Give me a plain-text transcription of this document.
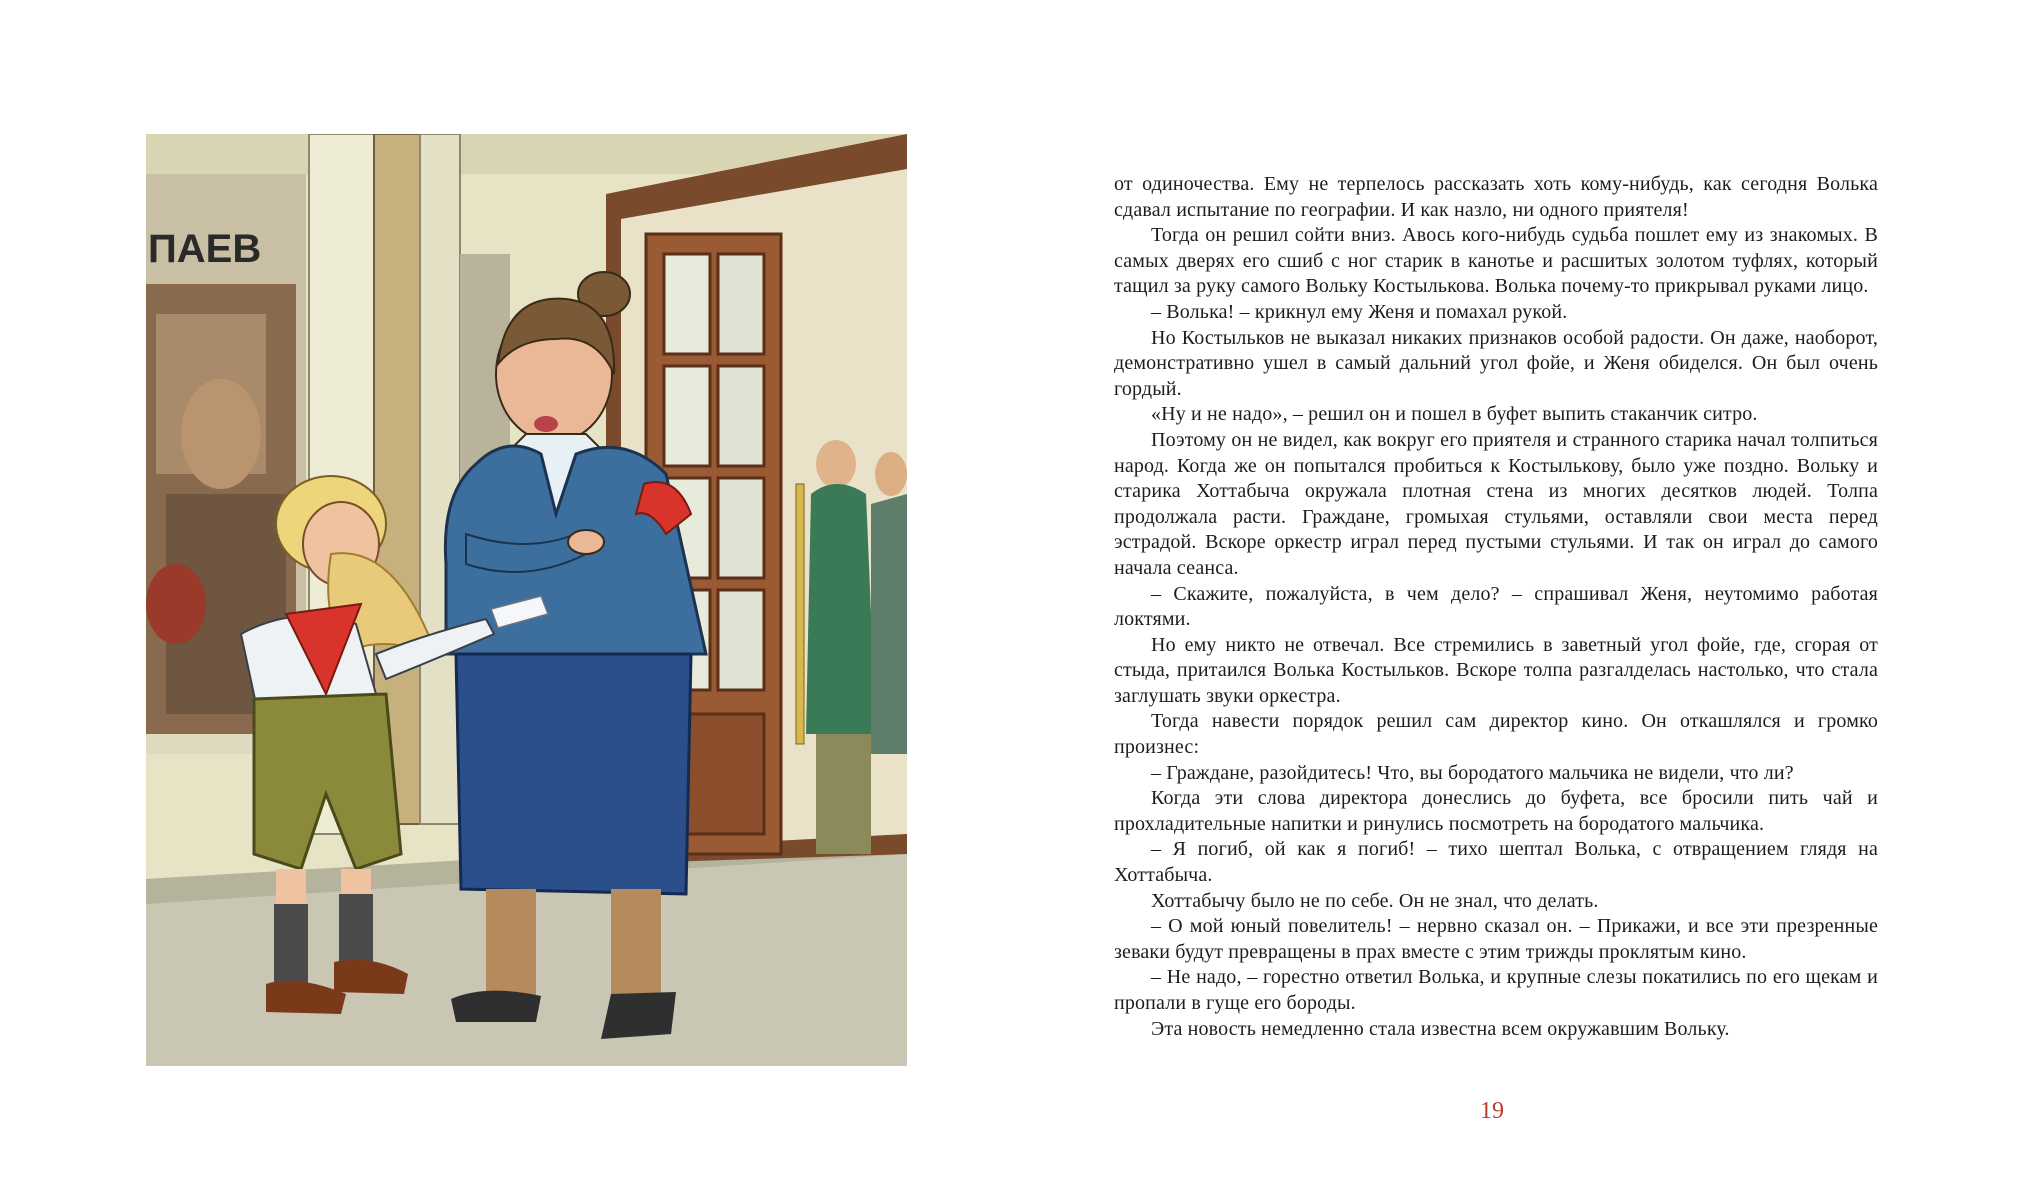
ПАЕВ

от одиночества. Ему не терпелось рассказать хоть кому-нибудь, как сегодня Волька сдавал испытание по географии. И как назло, ни одного приятеля!

Тогда он решил сойти вниз. Авось кого-нибудь судьба пошлет ему из знакомых. В самых дверях его сшиб с ног старик в канотье и расшитых золотом туфлях, который тащил за руку самого Вольку Костылькова. Волька почему-то прикрывал руками лицо.

– Волька! – крикнул ему Женя и помахал рукой.

Но Костыльков не выказал никаких признаков особой радости. Он даже, наоборот, демонстративно ушел в самый дальний угол фойе, и Женя обиделся. Он был очень гордый.

«Ну и не надо», – решил он и пошел в буфет выпить стаканчик ситро.

Поэтому он не видел, как вокруг его приятеля и странного старика начал толпиться народ. Когда же он попытался пробиться к Костылькову, было уже поздно. Вольку и старика Хоттабыча окружала плотная стена из многих десятков людей. Толпа продолжала расти. Граждане, громыхая стульями, оставляли свои места перед эстрадой. Вскоре оркестр играл перед пустыми стульями. И так он играл до самого начала сеанса.

– Скажите, пожалуйста, в чем дело? – спрашивал Женя, неутомимо работая локтями.

Но ему никто не отвечал. Все стремились в заветный угол фойе, где, сгорая от стыда, притаился Волька Костыльков. Вскоре толпа разгалделась настолько, что стала заглушать звуки оркестра.

Тогда навести порядок решил сам директор кино. Он откашлялся и громко произнес:

– Граждане, разойдитесь! Что, вы бородатого мальчика не видели, что ли?

Когда эти слова директора донеслись до буфета, все бросили пить чай и прохладительные напитки и ринулись посмотреть на бородатого мальчика.

– Я погиб, ой как я погиб! – тихо шептал Волька, с отвращением глядя на Хоттабыча.

Хоттабычу было не по себе. Он не знал, что делать.

– О мой юный повелитель! – нервно сказал он. – Прикажи, и все эти презренные зеваки будут превращены в прах вместе с этим трижды проклятым кино.

– Не надо, – горестно ответил Волька, и крупные слезы покатились по его щекам и пропали в гуще его бороды.

Эта новость немедленно стала известна всем окружавшим Вольку.

19
